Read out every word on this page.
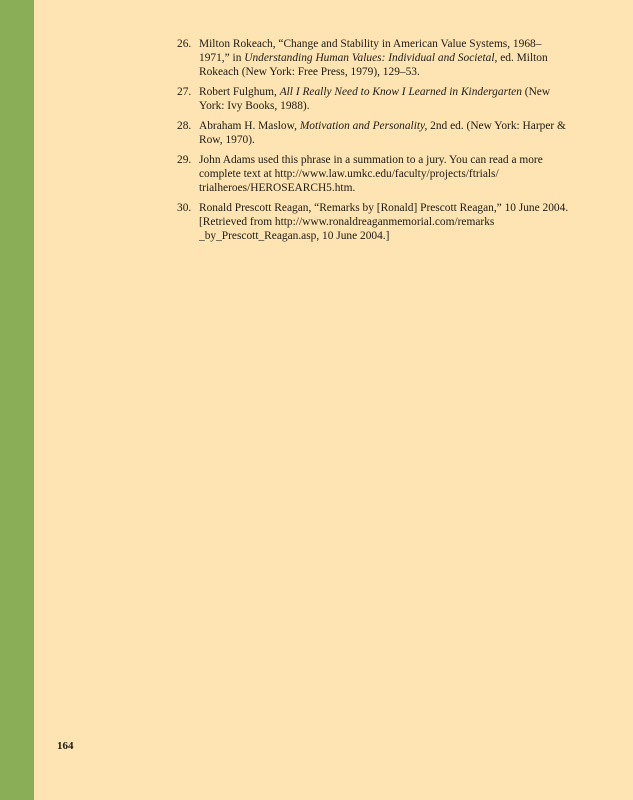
26. Milton Rokeach, “Change and Stability in American Value Systems, 1968–1971,” in Understanding Human Values: Individual and Societal, ed. Milton Rokeach (New York: Free Press, 1979), 129–53.
27. Robert Fulghum, All I Really Need to Know I Learned in Kindergarten (New York: Ivy Books, 1988).
28. Abraham H. Maslow, Motivation and Personality, 2nd ed. (New York: Harper & Row, 1970).
29. John Adams used this phrase in a summation to a jury. You can read a more complete text at http://www.law.umkc.edu/faculty/projects/ftrials/​trialheroes/HEROSEARCH5.htm.
30. Ronald Prescott Reagan, “Remarks by [Ronald] Prescott Reagan,” 10 June 2004. [Retrieved from http://www.ronaldreaganmemorial.com/remarks​_by_Prescott_Reagan.asp, 10 June 2004.]
164
